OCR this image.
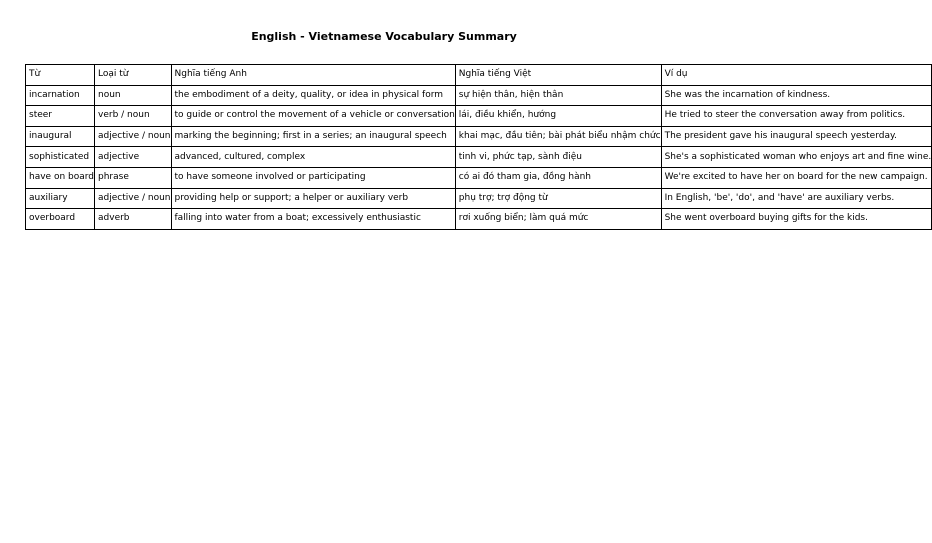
English - Vietnamese Vocabulary Summary
Từ	Loại từ	Nghĩa tiếng Anh	Nghĩa tiếng Việt	Ví dụ
incarnation	noun	the embodiment of a deity, quality, or idea in physical form	sự hiện thân, hiện thân	She was the incarnation of kindness.
steer	verb / noun	to guide or control the movement of a vehicle or conversation	lái, điều khiển, hướng	He tried to steer the conversation away from politics.
inaugural	adjective / noun	marking the beginning; first in a series; an inaugural speech	khai mạc, đầu tiên; bài phát biểu nhậm chức	The president gave his inaugural speech yesterday.
sophisticated	adjective	advanced, cultured, complex	tinh vi, phức tạp, sành điệu	She's a sophisticated woman who enjoys art and fine wine.
have on board	phrase	to have someone involved or participating	có ai đó tham gia, đồng hành	We're excited to have her on board for the new campaign.
auxiliary	adjective / noun	providing help or support; a helper or auxiliary verb	phụ trợ; trợ động từ	In English, 'be', 'do', and 'have' are auxiliary verbs.
overboard	adverb	falling into water from a boat; excessively enthusiastic	rơi xuống biển; làm quá mức	She went overboard buying gifts for the kids.
